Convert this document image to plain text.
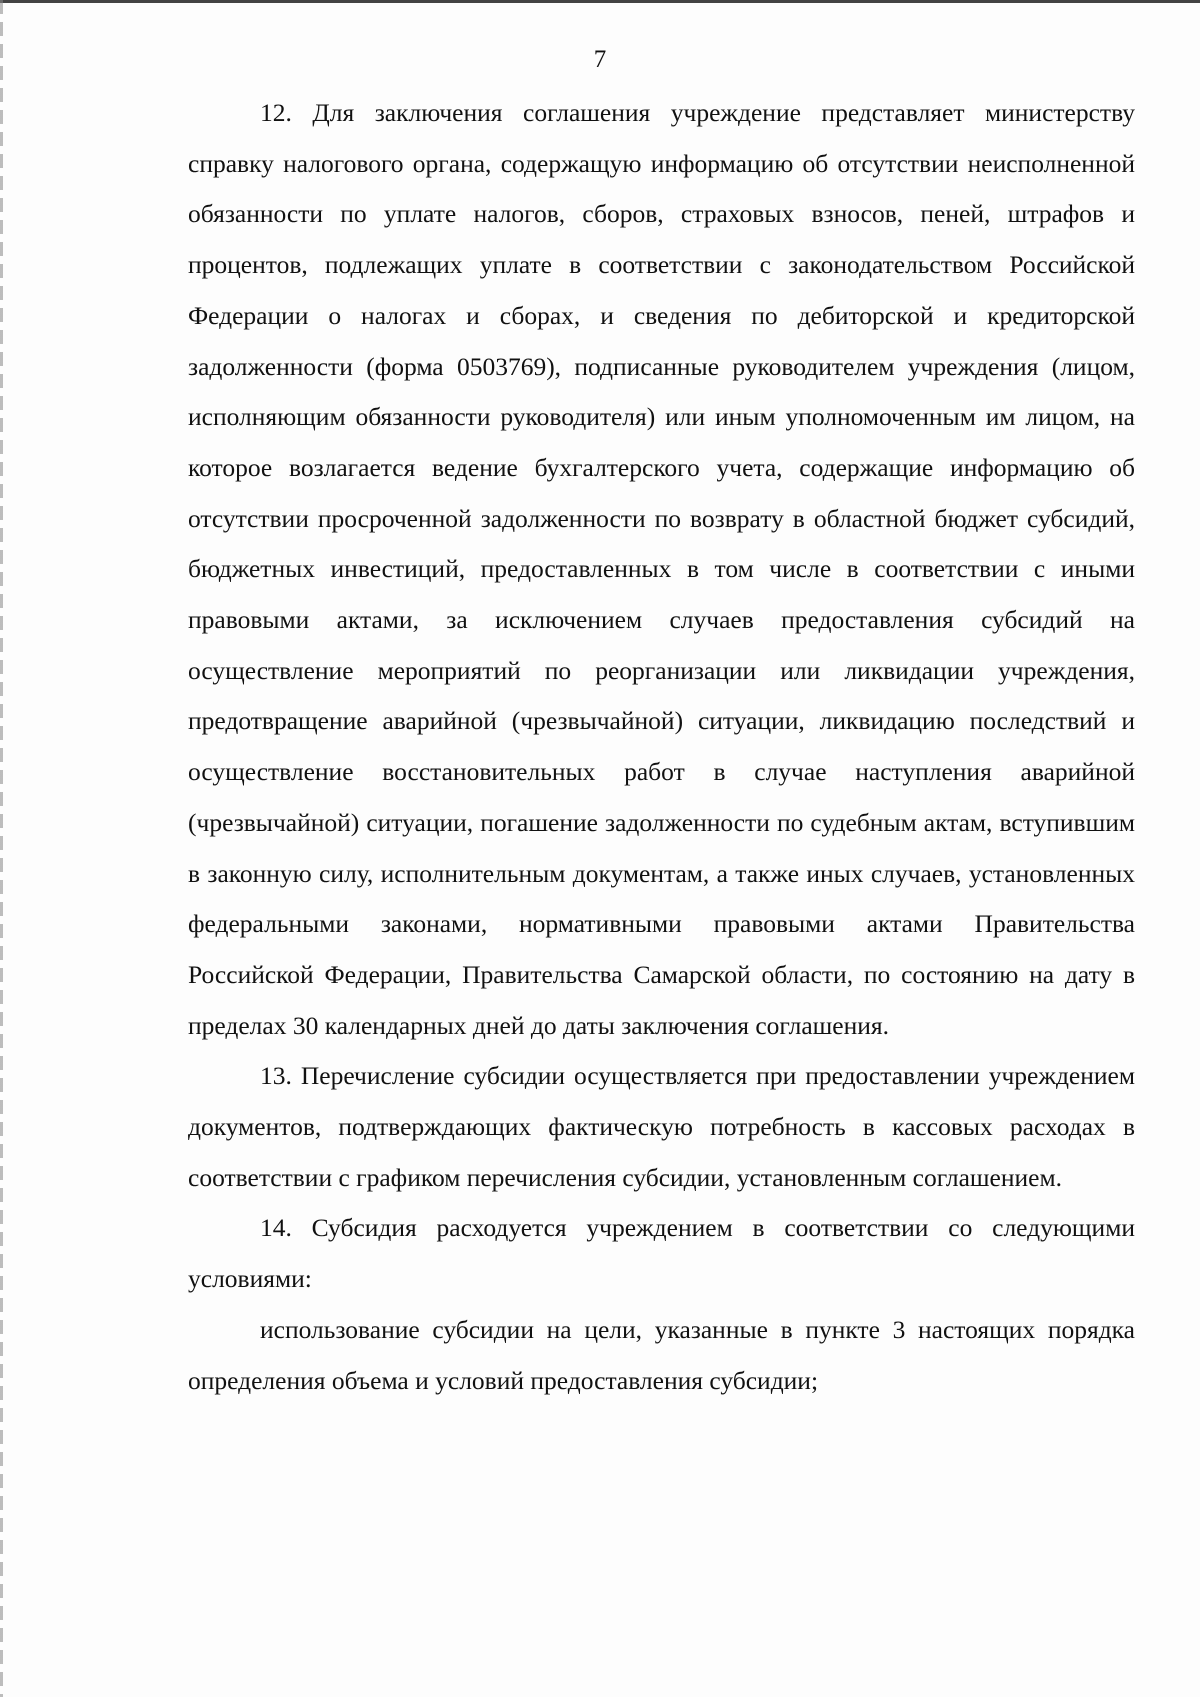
7

12. Для заключения соглашения учреждение представляет министерству справку налогового органа, содержащую информацию об отсутствии неисполненной обязанности по уплате налогов, сборов, страховых взносов, пеней, штрафов и процентов, подлежащих уплате в соответствии с законодательством Российской Федерации о налогах и сборах, и сведения по дебиторской и кредиторской задолженности (форма 0503769), подписанные руководителем учреждения (лицом, исполняющим обязанности руководителя) или иным уполномоченным им лицом, на которое возлагается ведение бухгалтерского учета, содержащие информацию об отсутствии просроченной задолженности по возврату в областной бюджет субсидий, бюджетных инвестиций, предоставленных в том числе в соответствии с иными правовыми актами, за исключением случаев предоставления субсидий на осуществление мероприятий по реорганизации или ликвидации учреждения, предотвращение аварийной (чрезвычайной) ситуации, ликвидацию последствий и осуществление восстановительных работ в случае наступления аварийной (чрезвычайной) ситуации, погашение задолженности по судебным актам, вступившим в законную силу, исполнительным документам, а также иных случаев, установленных федеральными законами, нормативными правовыми актами Правительства Российской Федерации, Правительства Самарской области, по состоянию на дату в пределах 30 календарных дней до даты заключения соглашения.

13. Перечисление субсидии осуществляется при предоставлении учреждением документов, подтверждающих фактическую потребность в кассовых расходах в соответствии с графиком перечисления субсидии, установленным соглашением.

14. Субсидия расходуется учреждением в соответствии со следующими условиями:

использование субсидии на цели, указанные в пункте 3 настоящих порядка определения объема и условий предоставления субсидии;
